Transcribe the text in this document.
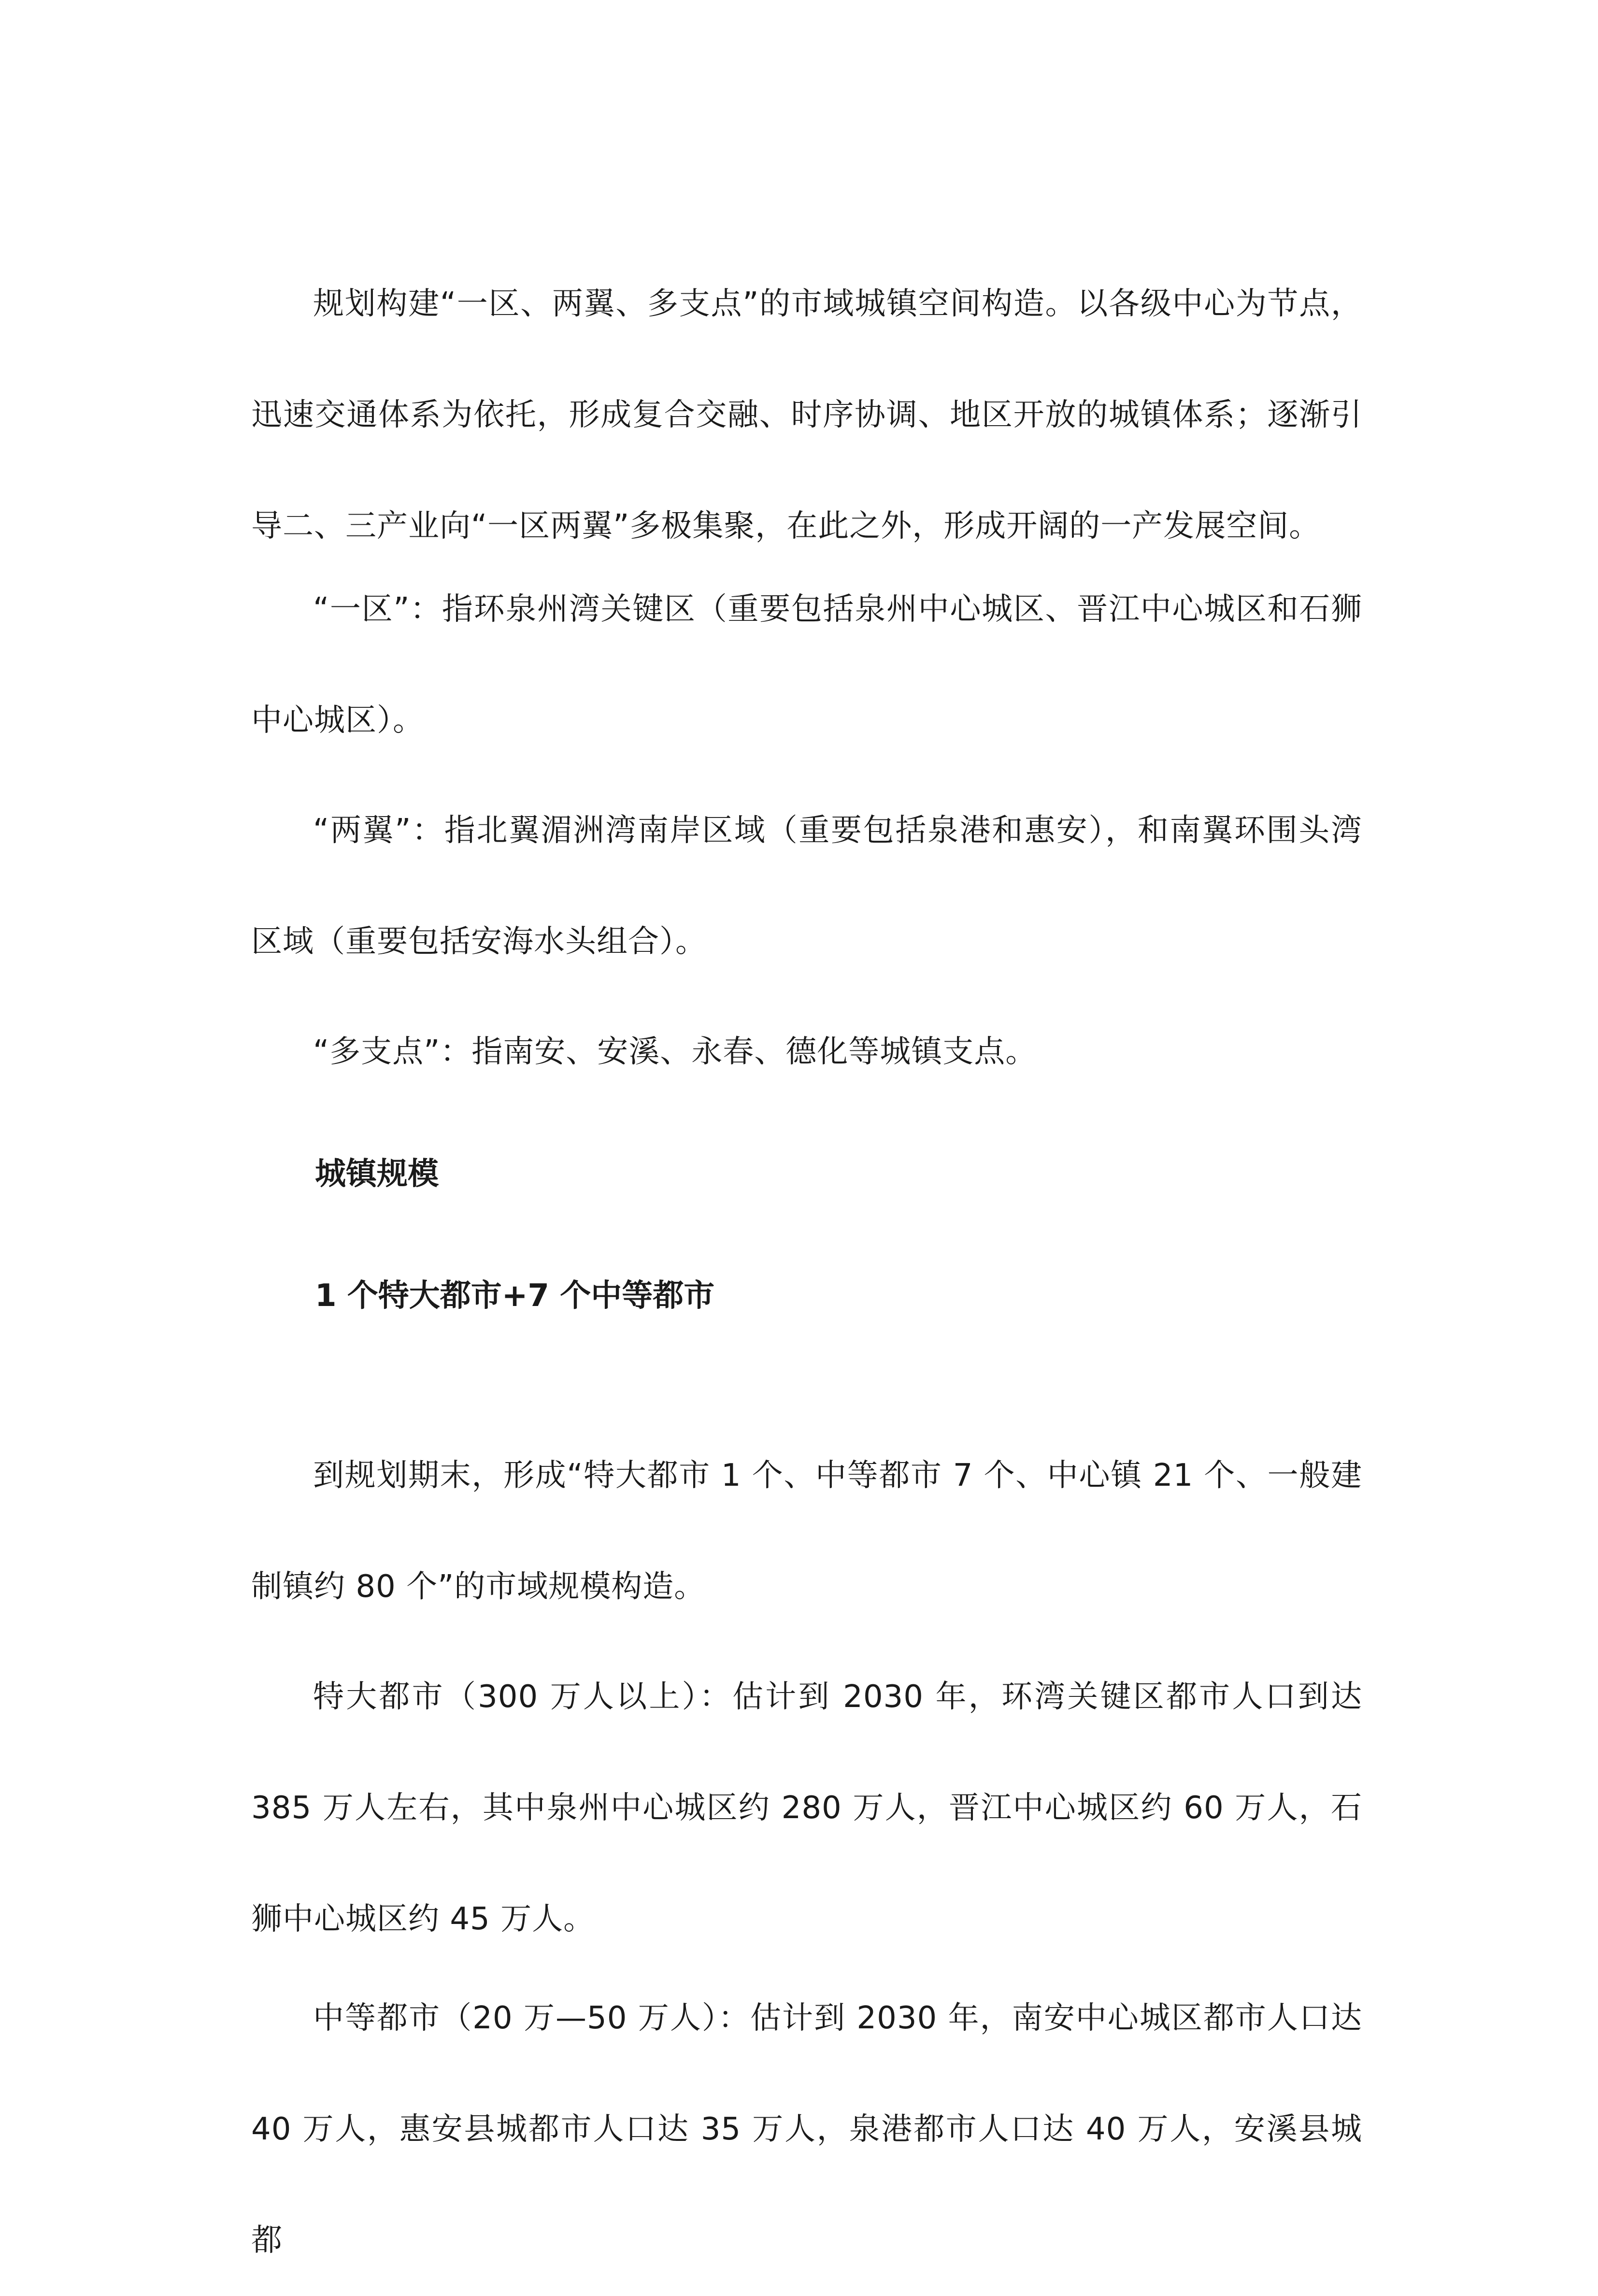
规划构建“一区、两翼、多支点”的市域城镇空间构造。以各级中心为节点，迅速交通体系为依托，形成复合交融、时序协调、地区开放的城镇体系；逐渐引导二、三产业向“一区两翼”多极集聚，在此之外，形成开阔的一产发展空间。

“一区”：指环泉州湾关键区（重要包括泉州中心城区、晋江中心城区和石狮中心城区）。

“两翼”：指北翼湄洲湾南岸区域（重要包括泉港和惠安），和南翼环围头湾区域（重要包括安海水头组合）。

“多支点”：指南安、安溪、永春、德化等城镇支点。

城镇规模
1 个特大都市+7 个中等都市

到规划期末，形成“特大都市 1 个、中等都市 7 个、中心镇 21 个、一般建制镇约 80 个”的市域规模构造。

特大都市（300 万人以上）：估计到 2030 年，环湾关键区都市人口到达 385 万人左右，其中泉州中心城区约 280 万人，晋江中心城区约 60 万人，石狮中心城区约 45 万人。

中等都市（20 万—50 万人）：估计到 2030 年，南安中心城区都市人口达 40 万人，惠安县城都市人口达 35 万人，泉港都市人口达 40 万人，安溪县城都
